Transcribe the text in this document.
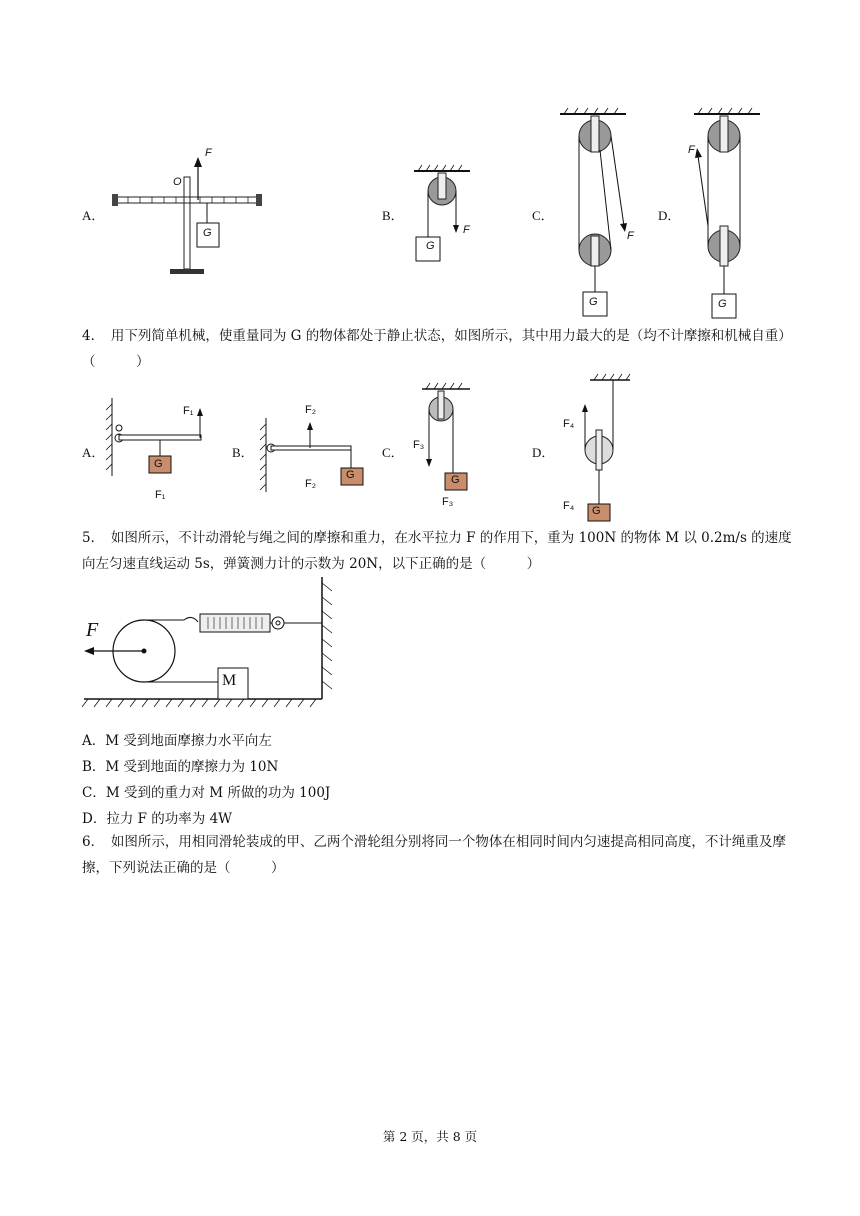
A．
F
O
G
B．
G
F
C．
F
G
D．
F
G
4．　用下列简单机械，使重量同为 G 的物体都处于静止状态，如图所示，其中用力最大的是（均不计摩擦和机械自重）（　　　）
A．
F₁
G
F₁
B．
F₂
G
F₂
C． F₃
G
F₃
D．
F₄
G
F₄
5．　如图所示，不计动滑轮与绳之间的摩擦和重力，在水平拉力 F 的作用下，重为 100N 的物体 M 以 0.2m/s 的速度向左匀速直线运动 5s，弹簧测力计的示数为 20N，以下正确的是（　　　）
F
M
A．M 受到地面摩擦力水平向左
B．M 受到地面的摩擦力为 10N
C．M 受到的重力对 M 所做的功为 100J
D．拉力 F 的功率为 4W
6．　如图所示，用相同滑轮装成的甲、乙两个滑轮组分别将同一个物体在相同时间内匀速提高相同高度，不计绳重及摩擦，下列说法正确的是（　　　）
第 2 页，共 8 页
